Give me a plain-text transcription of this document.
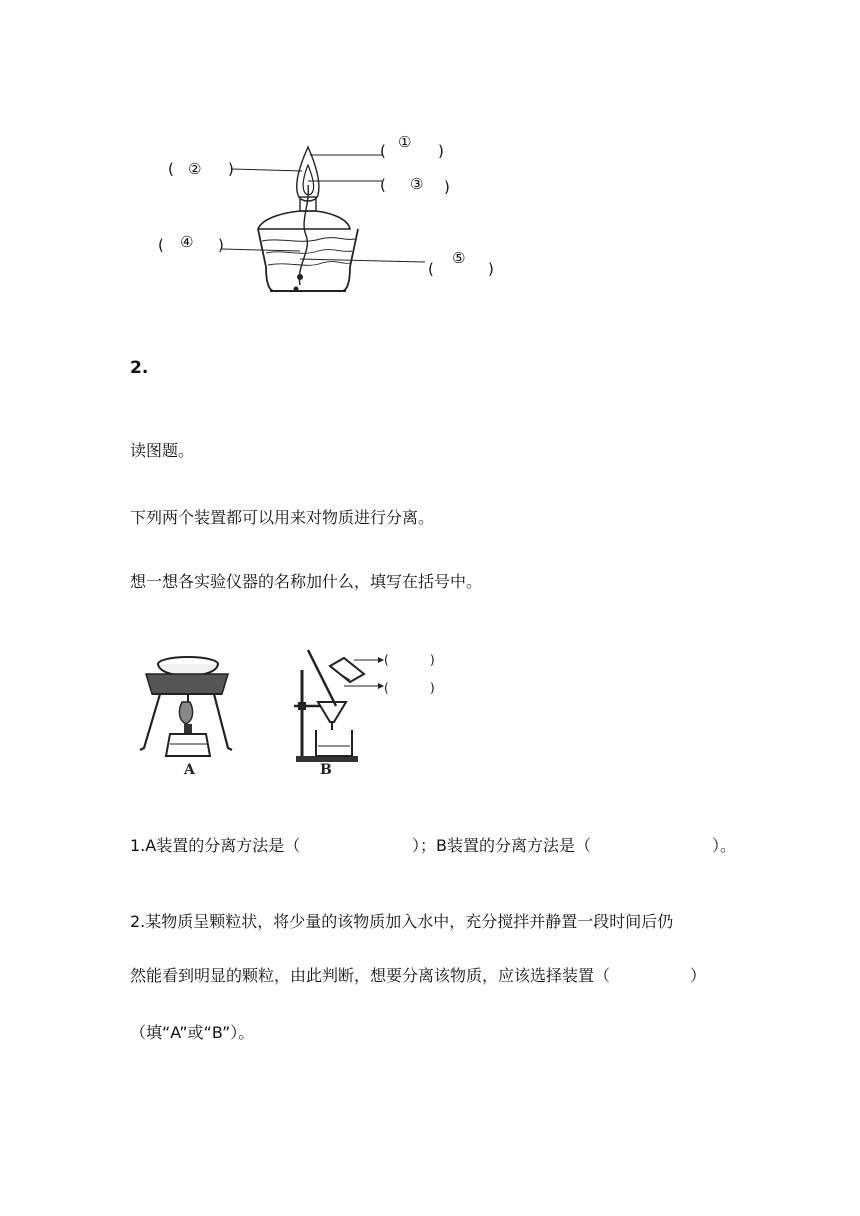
( ① )
( ② )
( ③ )
( ④ )
(
⑤
)
2.
读图题。
下列两个装置都可以用来对物质进行分离。
想一想各实验仪器的名称加什么，填写在括号中。
A	B
(	)
(	)
1.A装置的分离方法是（	）；B装置的分离方法是（	）。
2.某物质呈颗粒状，将少量的该物质加入水中，充分搅拌并静置一段时间后仍
然能看到明显的颗粒，由此判断，想要分离该物质，应该选择装置（	）
（填“A”或“B”）。
